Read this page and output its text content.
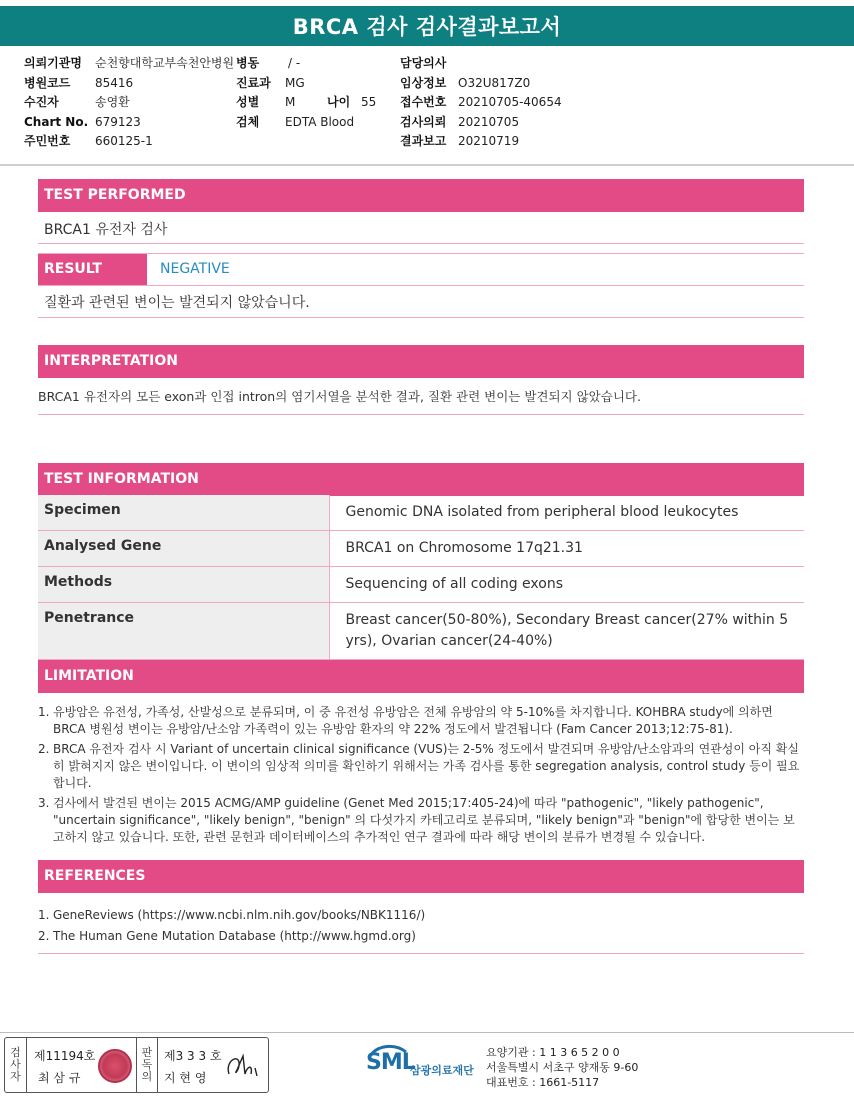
BRCA 검사 검사결과보고서
의뢰기관명 순천향대학교부속천안병원 병동 / -	담당의사
병원코드 85416	진료과 MG	임상정보 O32U817Z0
수진자	송영환	성별 M	나이 55 접수번호 20210705-40654
Chart No. 679123	검체 EDTA Blood	검사의뢰 20210705
주민번호 660125-1	결과보고 20210719
TEST PERFORMED
BRCA1 유전자 검사
RESULT	NEGATIVE
질환과 관련된 변이는 발견되지 않았습니다.
INTERPRETATION
BRCA1 유전자의 모든 exon과 인접 intron의 염기서열을 분석한 결과, 질환 관련 변이는 발견되지 않았습니다.
TEST INFORMATION
Specimen	Genomic DNA isolated from peripheral blood leukocytes
Analysed Gene	BRCA1 on Chromosome 17q21.31
Methods	Sequencing of all coding exons
Penetrance	Breast cancer(50-80%), Secondary Breast cancer(27% within 5 yrs), Ovarian cancer(24-40%)
LIMITATION
1. 유방암은 유전성, 가족성, 산발성으로 분류되며, 이 중 유전성 유방암은 전체 유방암의 약 5-10%를 차지합니다. KOHBRA study에 의하면 BRCA 병원성 변이는 유방암/난소암 가족력이 있는 유방암 환자의 약 22% 정도에서 발견됩니다 (Fam Cancer 2013;12:75-81).
2. BRCA 유전자 검사 시 Variant of uncertain clinical significance (VUS)는 2-5% 정도에서 발견되며 유방암/난소암과의 연관성이 아직 확실히 밝혀지지 않은 변이입니다. 이 변이의 임상적 의미를 확인하기 위해서는 가족 검사를 통한 segregation analysis, control study 등이 필요합니다.
3. 검사에서 발견된 변이는 2015 ACMG/AMP guideline (Genet Med 2015;17:405-24)에 따라 "pathogenic", "likely pathogenic", "uncertain significance", "likely benign", "benign" 의 다섯가지 카테고리로 분류되며, "likely benign"과 "benign"에 합당한 변이는 보고하지 않고 있습니다. 또한, 관련 문헌과 데이터베이스의 추가적인 연구 결과에 따라 해당 변이의 분류가 변경될 수 있습니다.
REFERENCES
1. GeneReviews (https://www.ncbi.nlm.nih.gov/books/NBK1116/)
2. The Human Gene Mutation Database (http://www.hgmd.org)
검
사
자
제11194호
최 삼 규
판
독
의
제3 3 3 호
지 현 영
SML
삼광의료재단
요양기관 : 1 1 3 6 5 2 0 0
서울특별시 서초구 양재동 9-60
대표번호 : 1661-5117
